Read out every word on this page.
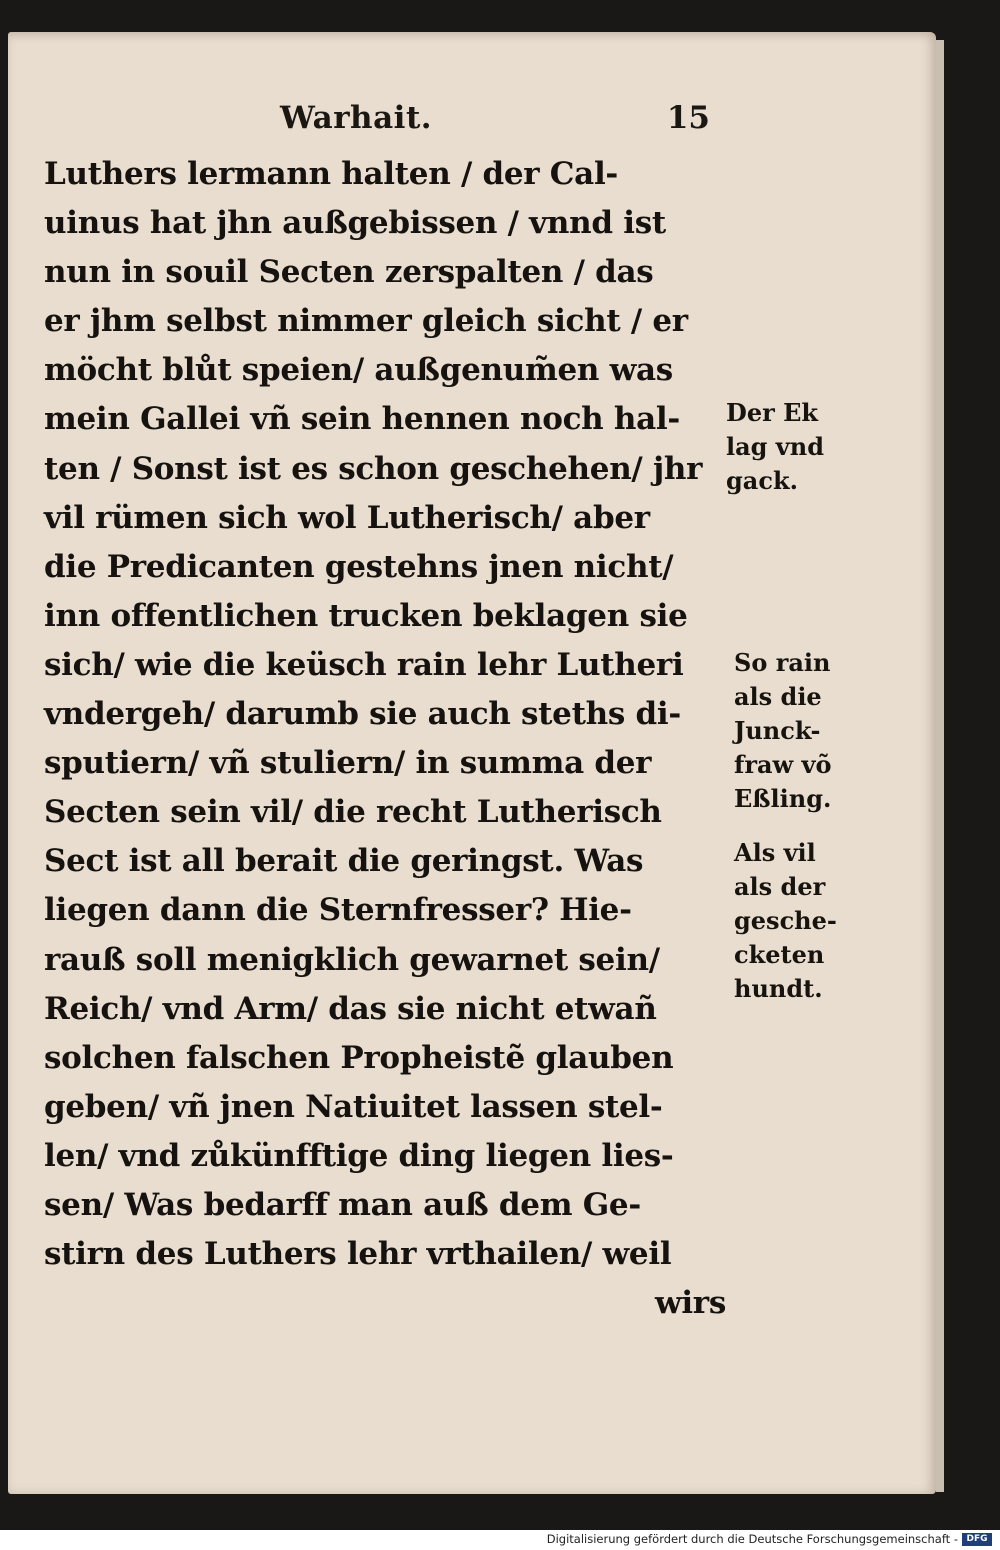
Warhait.	15
Luthers lermann halten / der Cal-
uinus hat jhn außgebissen / vnnd ist
nun in souil Secten zerspalten / das
er jhm selbst nimmer gleich sicht / er
möcht blůt speien/ außgenum̃en was
mein Gallei vñ sein hennen noch hal-
ten / Sonst ist es schon geschehen/ jhr
vil rümen sich wol Lutherisch/ aber
die Predicanten gestehns jnen nicht/
inn offentlichen trucken beklagen sie
sich/ wie die keüsch rain lehr Lutheri
vndergeh/ darumb sie auch steths di-
sputiern/ vñ stuliern/ in summa der
Secten sein vil/ die recht Lutherisch
Sect ist all berait die geringst. Was
liegen dann die Sternfresser? Hie-
rauß soll menigklich gewarnet sein/
Reich/ vnd Arm/ das sie nicht etwañ
solchen falschen Propheistẽ glauben
geben/ vñ jnen Natiuitet lassen stel-
len/ vnd zůkünfftige ding liegen lies-
sen/ Was bedarff man auß dem Ge-
stirn des Luthers lehr vrthailen/ weil
wirs
Der Ek
lag vnd
gack.
So rain
als die
Junck-
fraw võ
Eßling.
Als vil
als der
gesche-
cketen
hundt.
Digitalisierung gefördert durch die Deutsche Forschungsgemeinschaft - DFG
